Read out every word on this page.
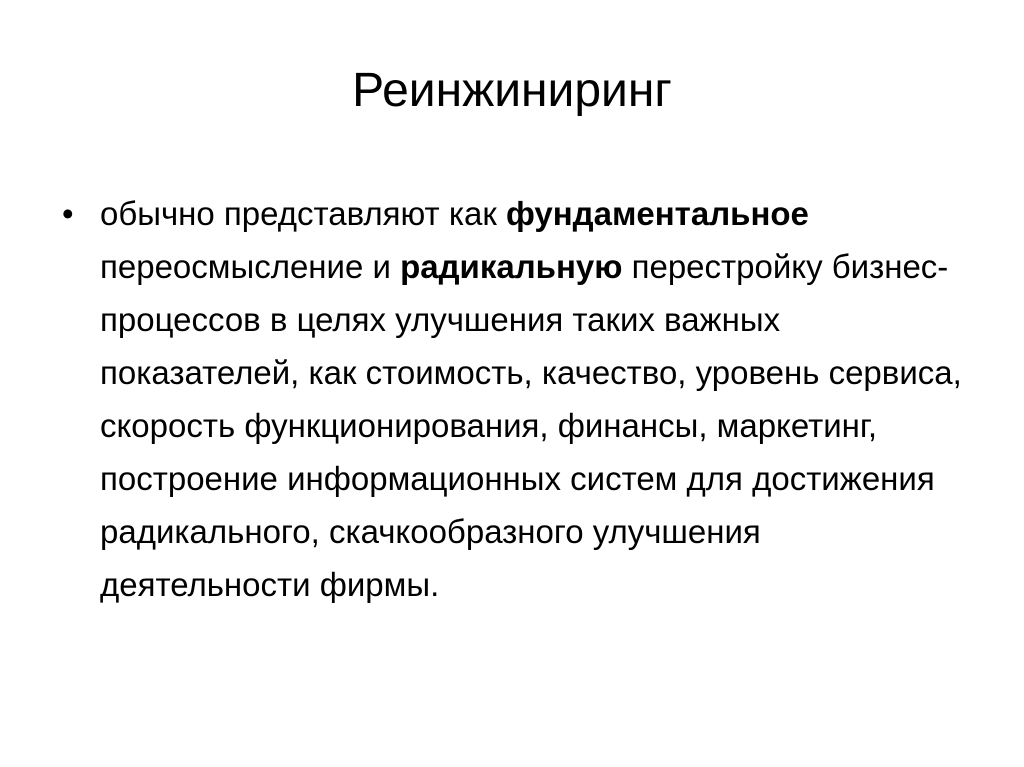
Реинжиниринг
• обычно представляют как фундаментальное переосмысление и радикальную перестройку бизнес-процессов в целях улучшения таких важных показателей, как стоимость, качество, уровень сервиса, скорость функционирования, финансы, маркетинг, построение информационных систем для достижения радикального, скачкообразного улучшения деятельности фирмы.
